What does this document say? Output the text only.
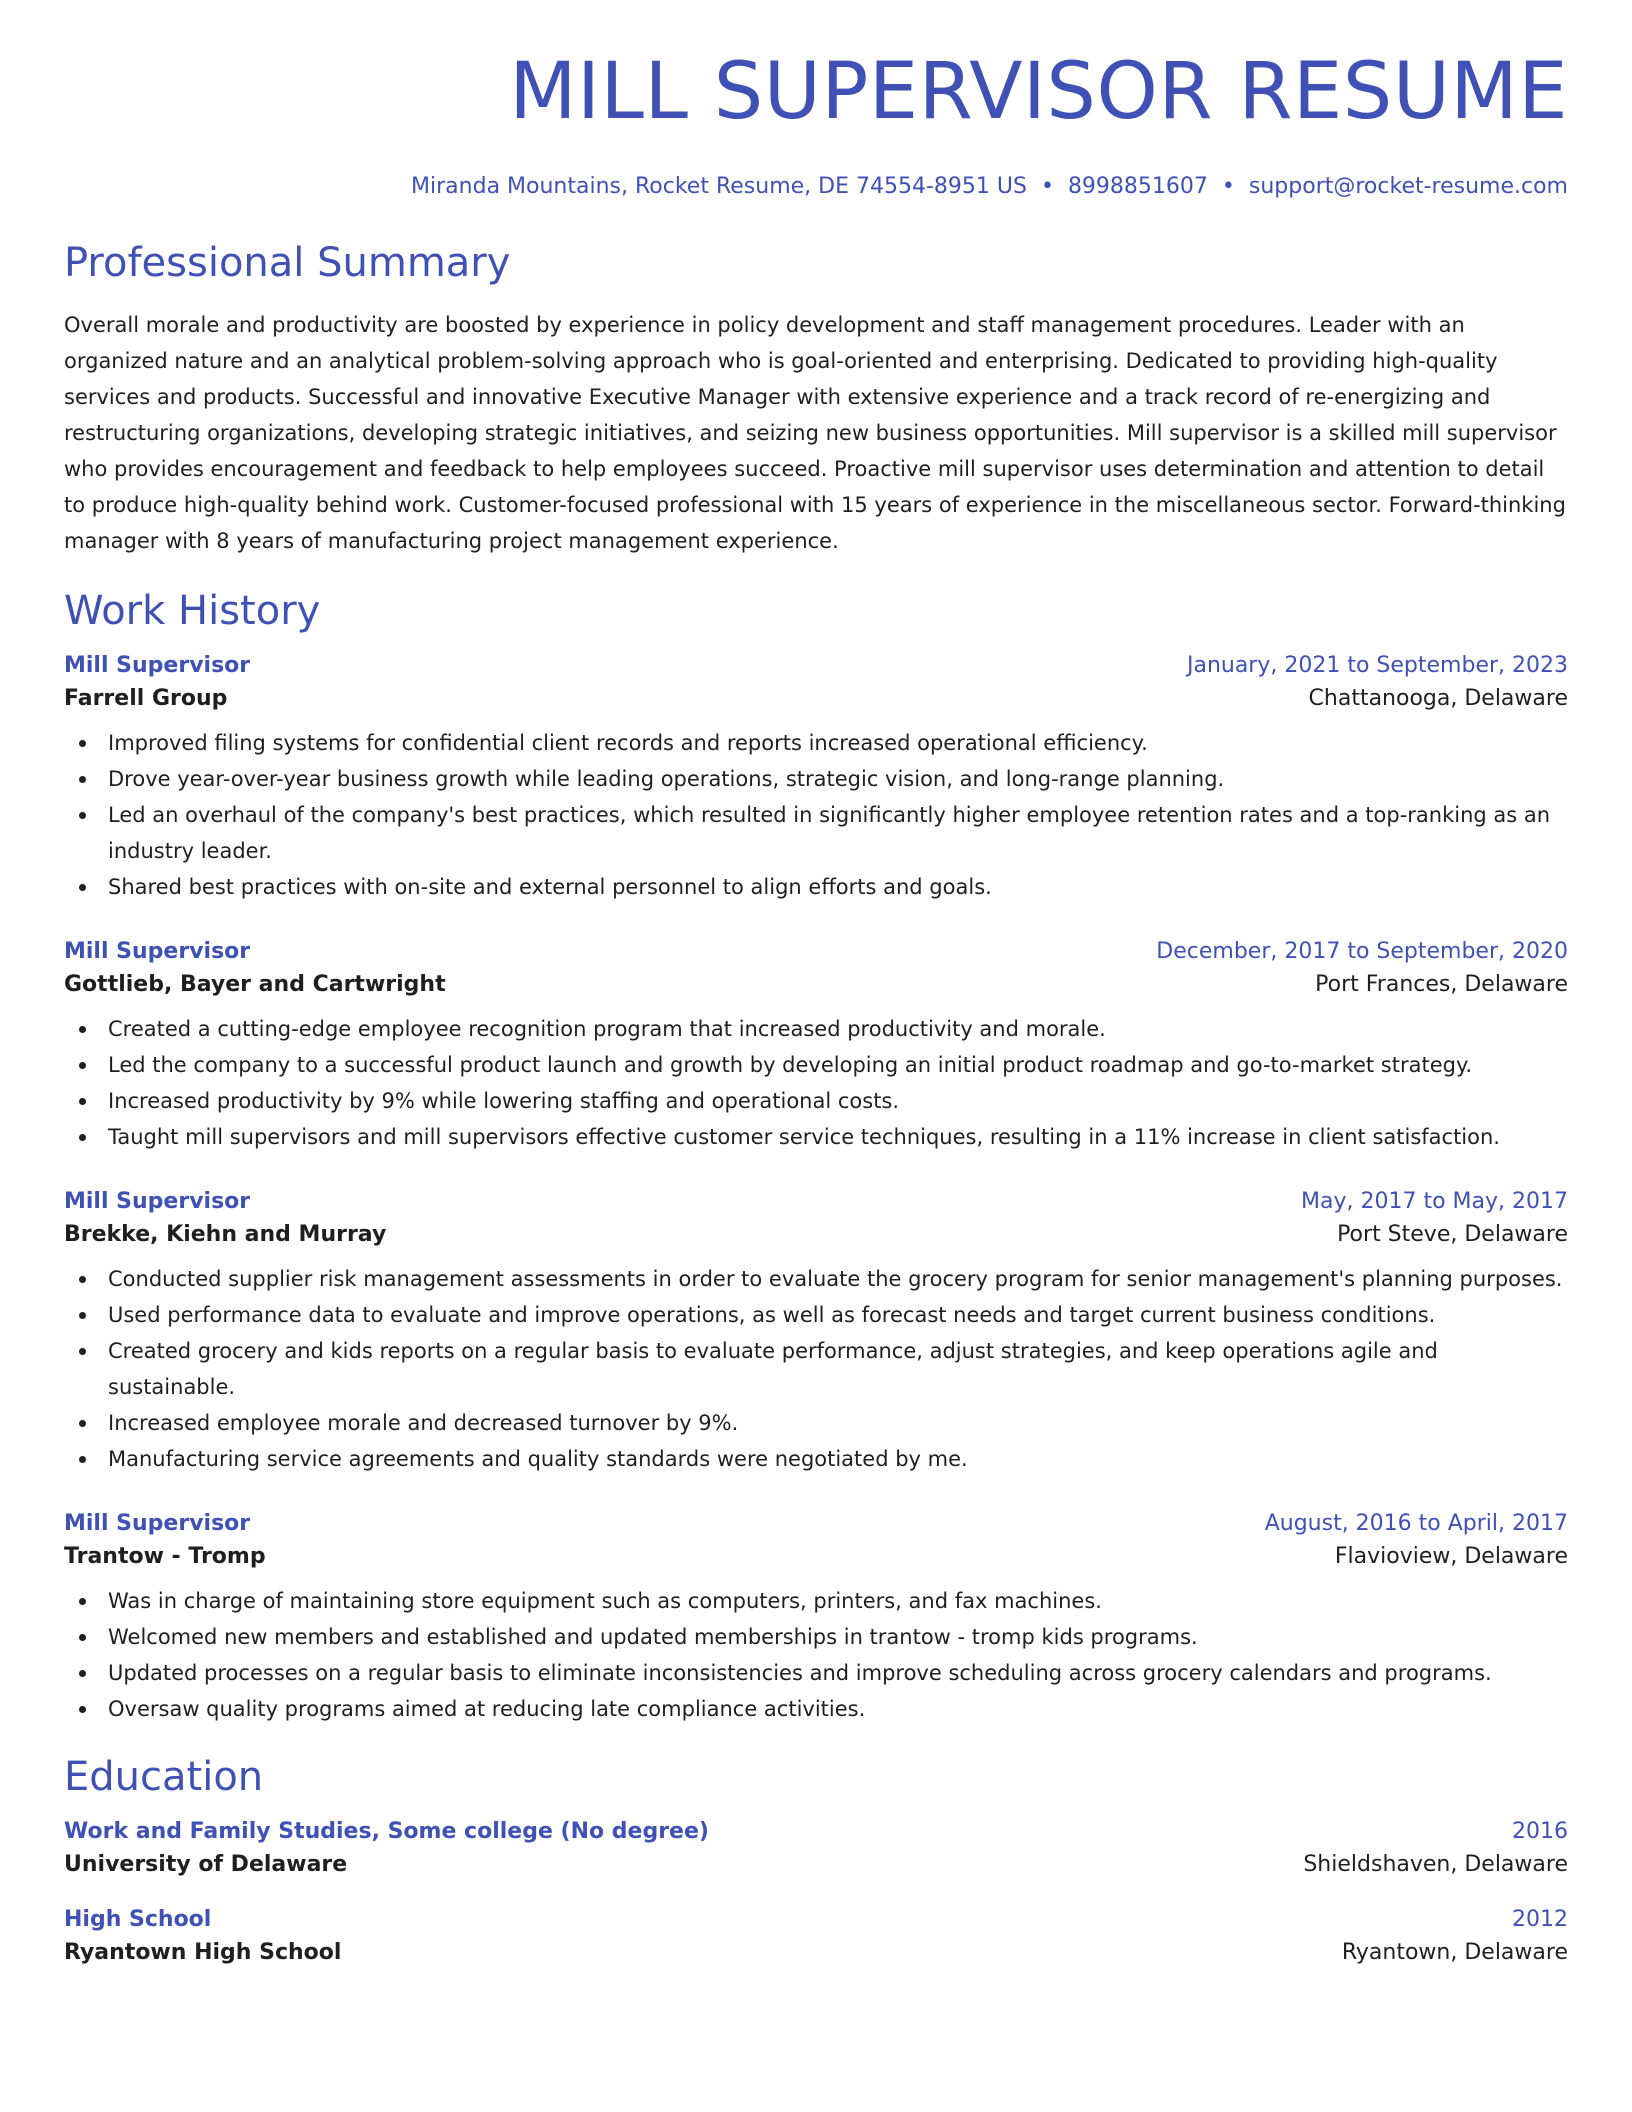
MILL SUPERVISOR RESUME
Miranda Mountains, Rocket Resume, DE 74554-8951 US • 8998851607 • support@rocket-resume.com
Professional Summary

Overall morale and productivity are boosted by experience in policy development and staff management procedures. Leader with an organized nature and an analytical problem-solving approach who is goal-oriented and enterprising. Dedicated to providing high-quality services and products. Successful and innovative Executive Manager with extensive experience and a track record of re-energizing and restructuring organizations, developing strategic initiatives, and seizing new business opportunities. Mill supervisor is a skilled mill supervisor who provides encouragement and feedback to help employees succeed. Proactive mill supervisor uses determination and attention to detail to produce high-quality behind work. Customer-focused professional with 15 years of experience in the miscellaneous sector. Forward-thinking manager with 8 years of manufacturing project management experience.

Work History
Mill Supervisor	January, 2021 to September, 2023
Farrell Group	Chattanooga, Delaware
Improved filing systems for confidential client records and reports increased operational efficiency.
Drove year-over-year business growth while leading operations, strategic vision, and long-range planning.
Led an overhaul of the company's best practices, which resulted in significantly higher employee retention rates and a top-ranking as an industry leader.
Shared best practices with on-site and external personnel to align efforts and goals.
Mill Supervisor	December, 2017 to September, 2020
Gottlieb, Bayer and Cartwright	Port Frances, Delaware
Created a cutting-edge employee recognition program that increased productivity and morale.
Led the company to a successful product launch and growth by developing an initial product roadmap and go-to-market strategy.
Increased productivity by 9% while lowering staffing and operational costs.
Taught mill supervisors and mill supervisors effective customer service techniques, resulting in a 11% increase in client satisfaction.
Mill Supervisor	May, 2017 to May, 2017
Brekke, Kiehn and Murray	Port Steve, Delaware
Conducted supplier risk management assessments in order to evaluate the grocery program for senior management's planning purposes.
Used performance data to evaluate and improve operations, as well as forecast needs and target current business conditions.
Created grocery and kids reports on a regular basis to evaluate performance, adjust strategies, and keep operations agile and sustainable.
Increased employee morale and decreased turnover by 9%.
Manufacturing service agreements and quality standards were negotiated by me.
Mill Supervisor	August, 2016 to April, 2017
Trantow - Tromp	Flavioview, Delaware
Was in charge of maintaining store equipment such as computers, printers, and fax machines.
Welcomed new members and established and updated memberships in trantow - tromp kids programs.
Updated processes on a regular basis to eliminate inconsistencies and improve scheduling across grocery calendars and programs.
Oversaw quality programs aimed at reducing late compliance activities.
Education
Work and Family Studies, Some college (No degree)	2016
University of Delaware	Shieldshaven, Delaware
High School	2012
Ryantown High School	Ryantown, Delaware
